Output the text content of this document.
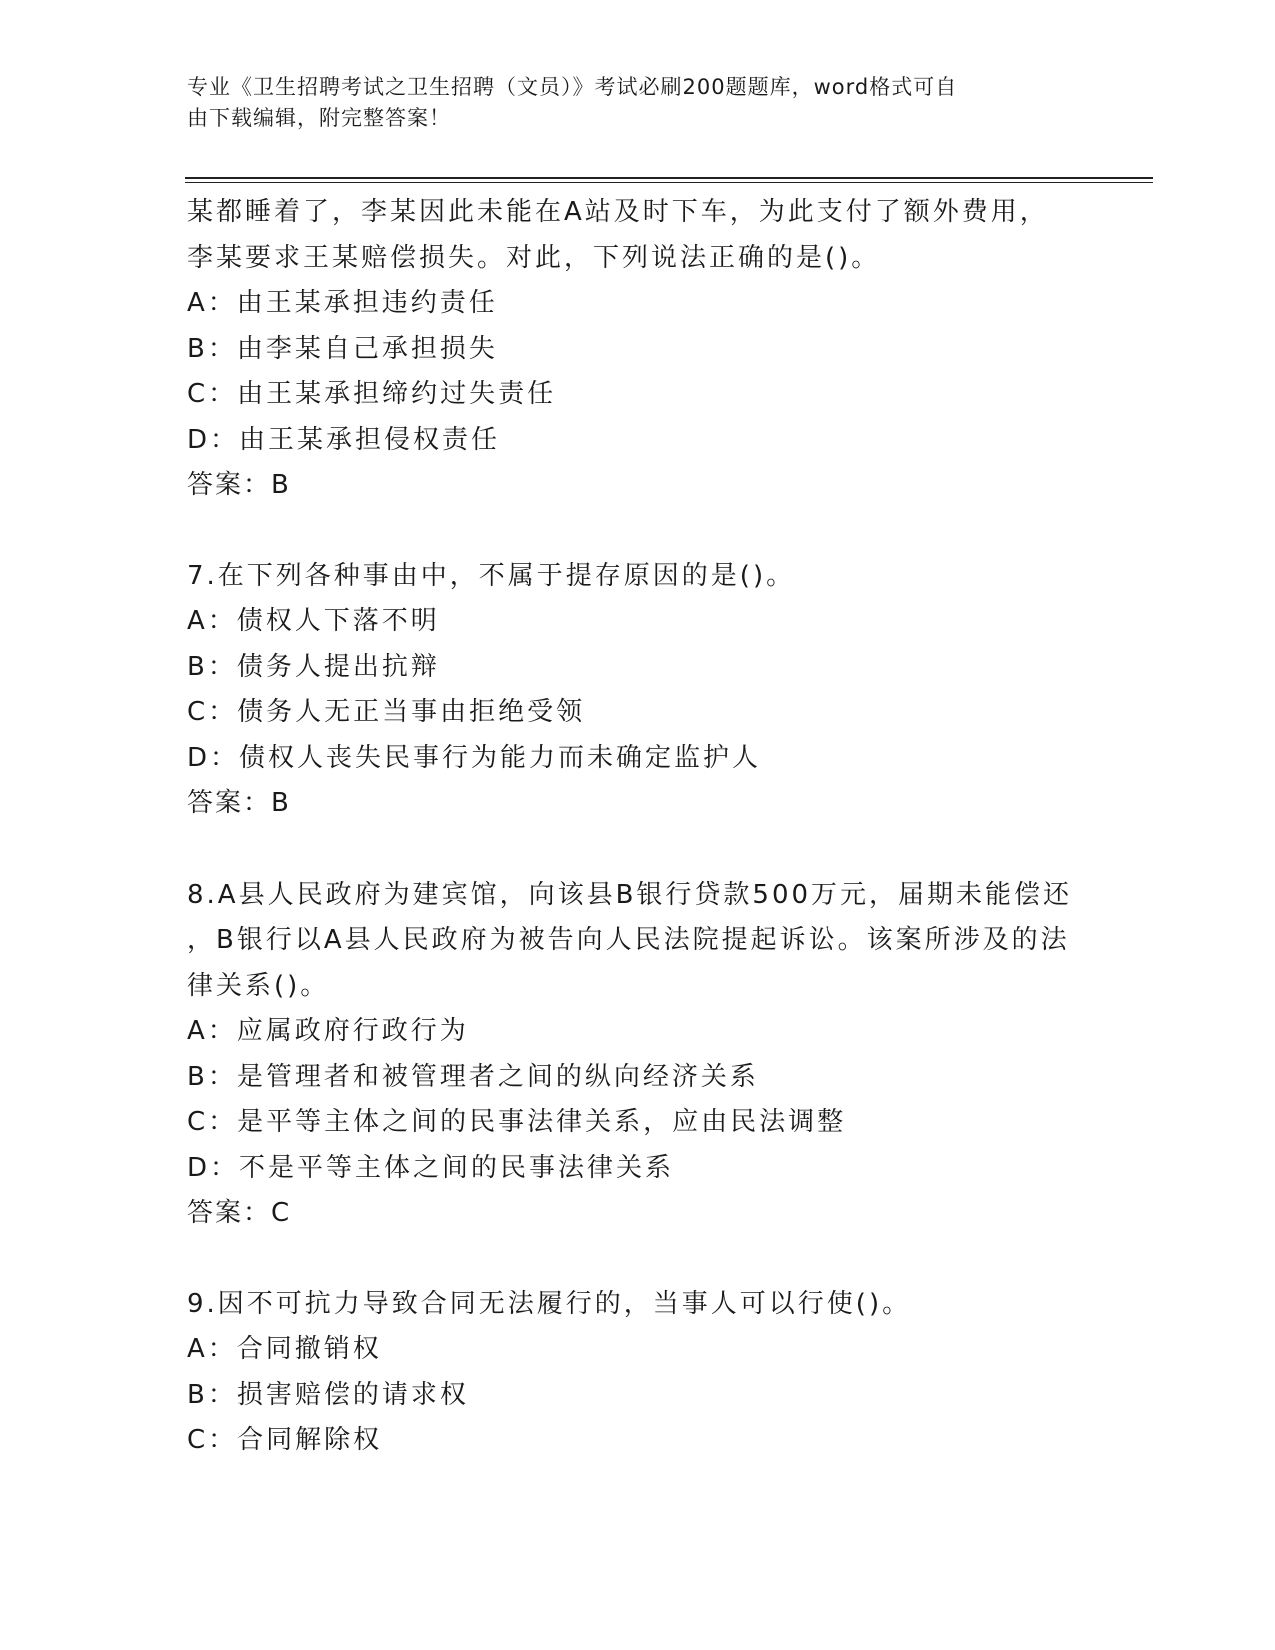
专业《卫生招聘考试之卫生招聘（文员）》考试必刷200题题库，word格式可自
由下载编辑，附完整答案！
某都睡着了，李某因此未能在A站及时下车，为此支付了额外费用，
李某要求王某赔偿损失。对此，下列说法正确的是()。
A：由王某承担违约责任
B：由李某自己承担损失
C：由王某承担缔约过失责任
D：由王某承担侵权责任
答案：B
7.在下列各种事由中，不属于提存原因的是()。
A：债权人下落不明
B：债务人提出抗辩
C：债务人无正当事由拒绝受领
D：债权人丧失民事行为能力而未确定监护人
答案：B
8.A县人民政府为建宾馆，向该县B银行贷款500万元，届期未能偿还
，B银行以A县人民政府为被告向人民法院提起诉讼。该案所涉及的法
律关系()。
A：应属政府行政行为
B：是管理者和被管理者之间的纵向经济关系
C：是平等主体之间的民事法律关系，应由民法调整
D：不是平等主体之间的民事法律关系
答案：C
9.因不可抗力导致合同无法履行的，当事人可以行使()。
A：合同撤销权
B：损害赔偿的请求权
C：合同解除权
